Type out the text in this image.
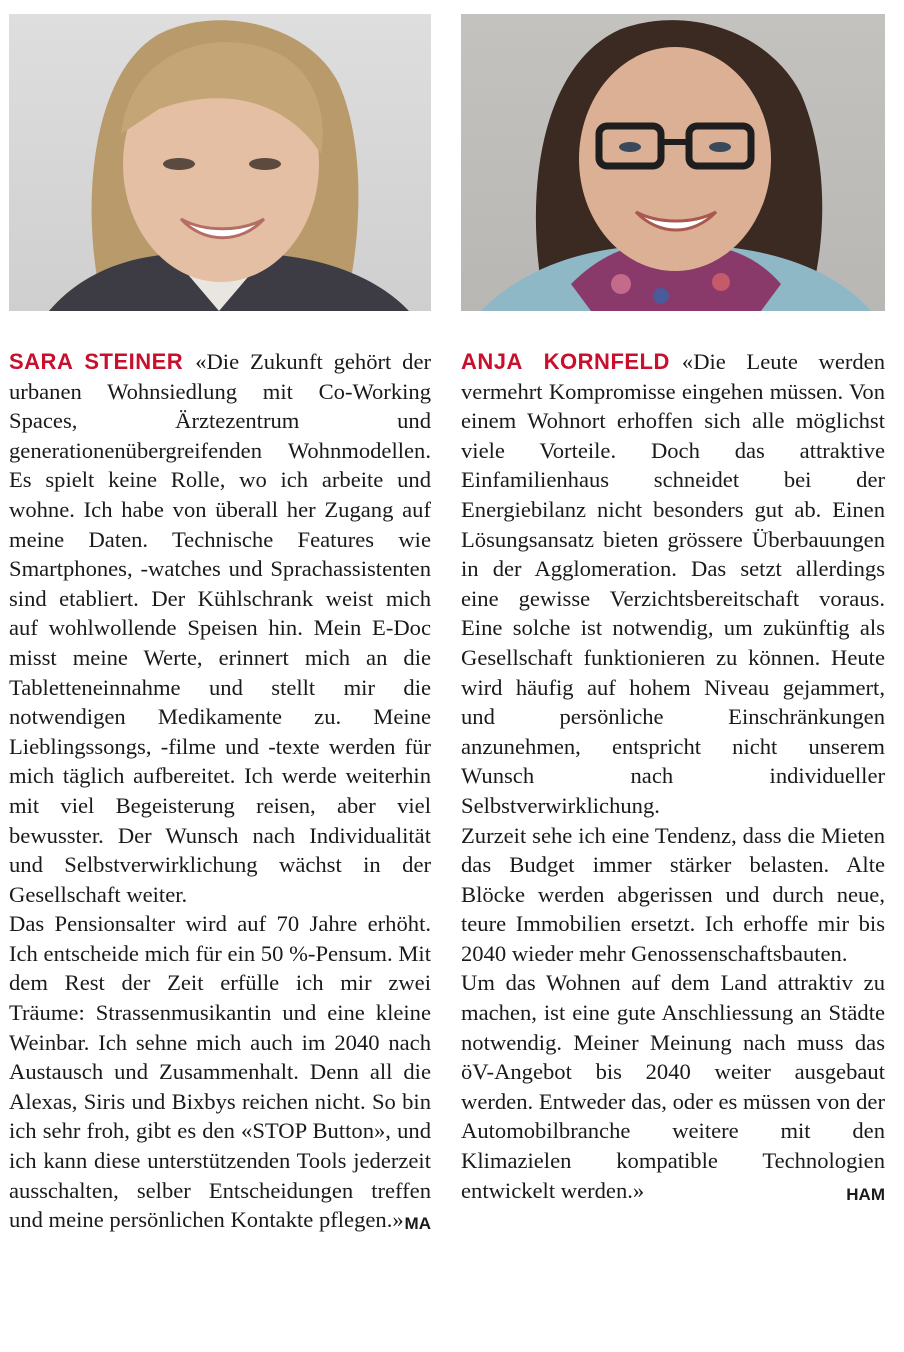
SARA STEINER «Die Zukunft gehört der urbanen Wohnsiedlung mit Co-Working Spaces, Ärztezentrum und generationenübergreifenden Wohnmodellen. Es spielt keine Rolle, wo ich arbeite und wohne. Ich habe von überall her Zugang auf meine Daten. Technische Features wie Smartphones, -watches und Sprachassistenten sind etabliert. Der Kühlschrank weist mich auf wohlwollende Speisen hin. Mein E-Doc misst meine Werte, erinnert mich an die Tabletteneinnahme und stellt mir die notwendigen Medikamente zu. Meine Lieblingssongs, -filme und -texte werden für mich täglich aufbereitet. Ich werde weiterhin mit viel Begeisterung reisen, aber viel bewusster. Der Wunsch nach Individualität und Selbstverwirklichung wächst in der Gesellschaft weiter.

Das Pensionsalter wird auf 70 Jahre erhöht. Ich entscheide mich für ein 50 %-Pensum. Mit dem Rest der Zeit erfülle ich mir zwei Träume: Strassenmusikantin und eine kleine Weinbar. Ich sehne mich auch im 2040 nach Austausch und Zusammenhalt. Denn all die Alexas, Siris und Bixbys reichen nicht. So bin ich sehr froh, gibt es den «STOP Button», und ich kann diese unterstützenden Tools jederzeit ausschalten, selber Entscheidungen treffen und meine persönlichen Kontakte pflegen.» MA

ANJA KORNFELD «Die Leute werden vermehrt Kompromisse eingehen müssen. Von einem Wohnort erhoffen sich alle möglichst viele Vorteile. Doch das attraktive Einfamilienhaus schneidet bei der Energiebilanz nicht besonders gut ab. Einen Lösungsansatz bieten grössere Überbauungen in der Agglomeration. Das setzt allerdings eine gewisse Verzichtsbereitschaft voraus. Eine solche ist notwendig, um zukünftig als Gesellschaft funktionieren zu können. Heute wird häufig auf hohem Niveau gejammert, und persönliche Einschränkungen anzunehmen, entspricht nicht unserem Wunsch nach individueller Selbstverwirklichung.

Zurzeit sehe ich eine Tendenz, dass die Mieten das Budget immer stärker belasten. Alte Blöcke werden abgerissen und durch neue, teure Immobilien ersetzt. Ich erhoffe mir bis 2040 wieder mehr Genossenschaftsbauten.

Um das Wohnen auf dem Land attraktiv zu machen, ist eine gute Anschliessung an Städte notwendig. Meiner Meinung nach muss das öV-Angebot bis 2040 weiter ausgebaut werden. Entweder das, oder es müssen von der Automobilbranche weitere mit den Klimazielen kompatible Technologien entwickelt werden.»	HAM
